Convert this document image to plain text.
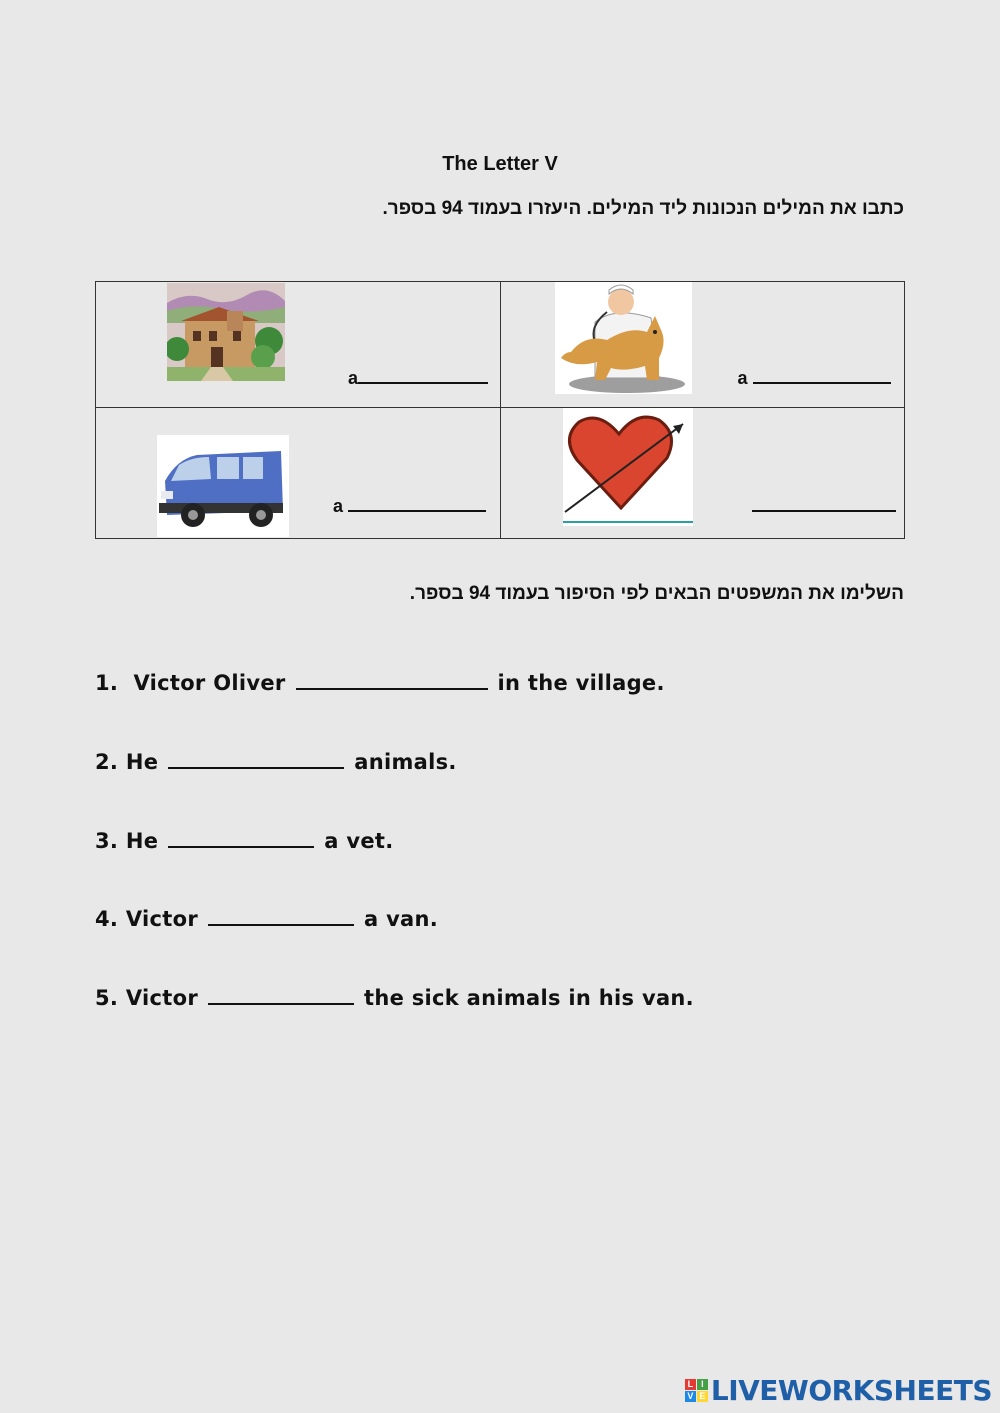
The Letter V
כתבו את המילים הנכונות ליד המילים. היעזרו בעמוד 94 בספר.
a	a

a

השלימו את המשפטים הבאים לפי הסיפור בעמוד 94 בספר.
1. Victor Oliver	in the village.
2. He	animals.
3. He	a vet.
4. Victor	a van.
5. Victor	the sick animals in his van.
L I
V E LIVEWORKSHEETS
